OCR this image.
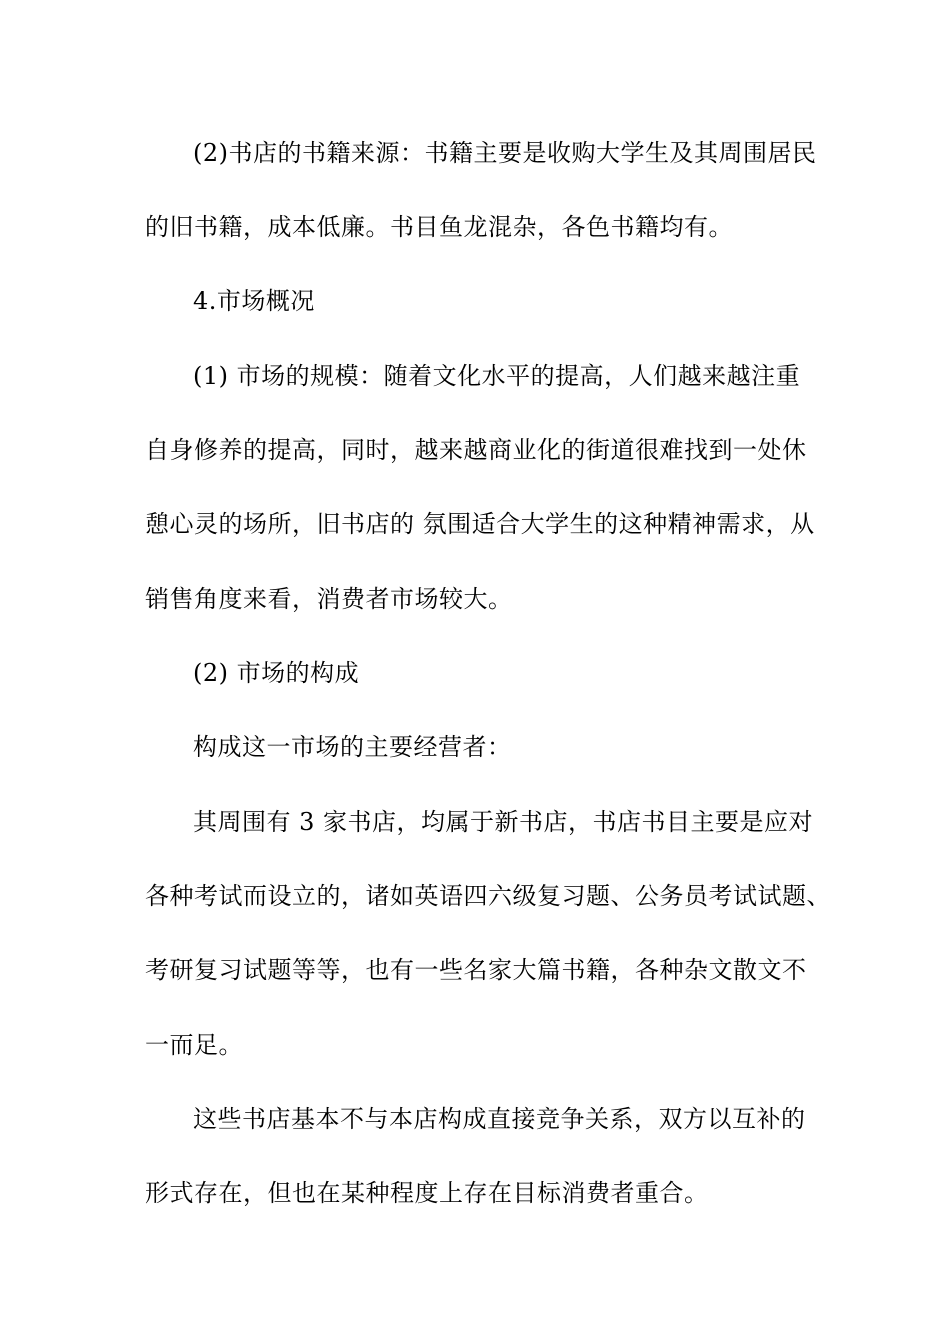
(2)书店的书籍来源：书籍主要是收购大学生及其周围居民
的旧书籍，成本低廉。书目鱼龙混杂，各色书籍均有。
4.市场概况
(1) 市场的规模：随着文化水平的提高，人们越来越注重
自身修养的提高，同时，越来越商业化的街道很难找到一处休
憩心灵的场所，旧书店的 氛围适合大学生的这种精神需求，从
销售角度来看，消费者市场较大。
(2) 市场的构成
构成这一市场的主要经营者：
其周围有 3 家书店，均属于新书店，书店书目主要是应对
各种考试而设立的，诸如英语四六级复习题、公务员考试试题、
考研复习试题等等，也有一些名家大篇书籍，各种杂文散文不
一而足。
这些书店基本不与本店构成直接竞争关系，双方以互补的
形式存在，但也在某种程度上存在目标消费者重合。
